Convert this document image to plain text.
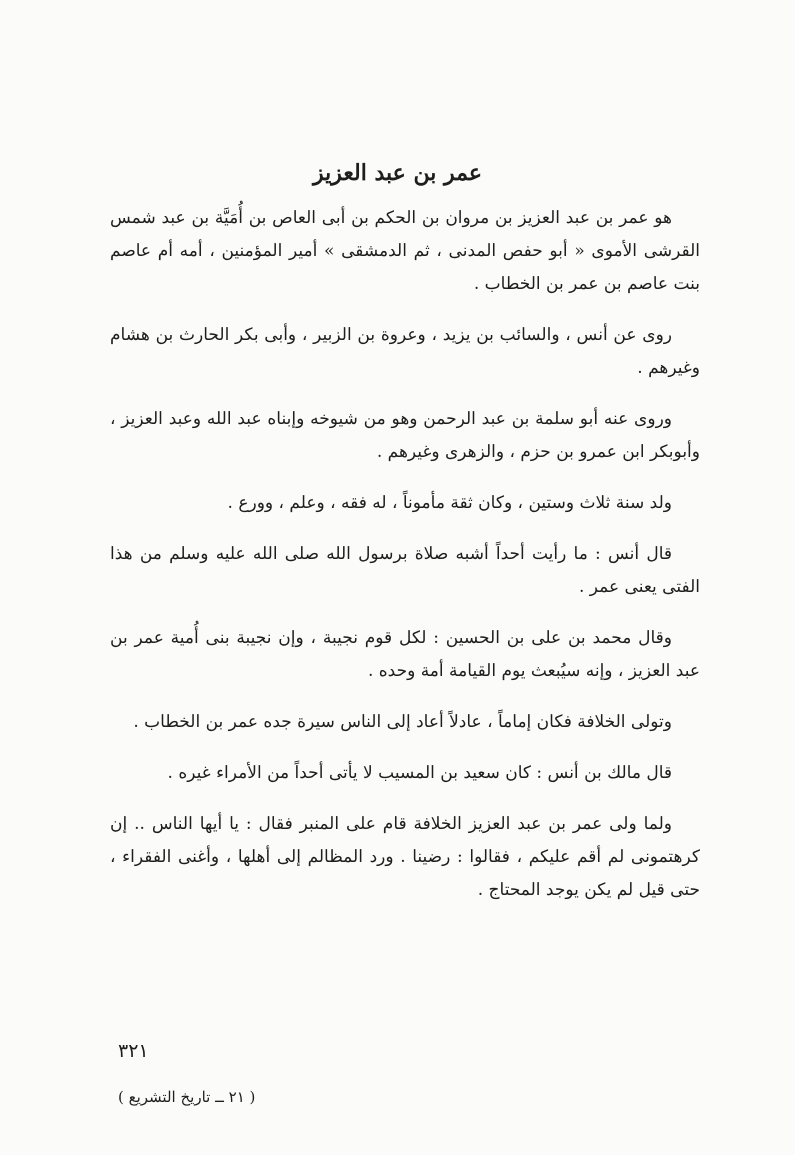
عمر بن عبد العزيز

هو عمر بن عبد العزيز بن مروان بن الحكم بن أبى العاص بن أُمَيَّة بن عبد شمس القرشى الأموى « أبو حفص المدنى ، ثم الدمشقى » أمير المؤمنين ، أمه أم عاصم بنت عاصم بن عمر بن الخطاب .

روى عن أنس ، والسائب بن يزيد ، وعروة بن الزبير ، وأبى بكر الحارث بن هشام وغيرهم .

وروى عنه أبو سلمة بن عبد الرحمن وهو من شيوخه وإبناه عبد الله وعبد العزيز ، وأبوبكر ابن عمرو بن حزم ، والزهرى وغيرهم .

ولد سنة ثلاث وستين ، وكان ثقة مأموناً ، له فقه ، وعلم ، وورع .

قال أنس : ما رأيت أحداً أشبه صلاة برسول الله صلى الله عليه وسلم من هذا الفتى يعنى عمر .

وقال محمد بن على بن الحسين : لكل قوم نجيبة ، وإن نجيبة بنى أُمية عمر بن عبد العزيز ، وإنه سيُبعث يوم القيامة أمة وحده .

وتولى الخلافة فكان إماماً ، عادلاً أعاد إلى الناس سيرة جده عمر بن الخطاب .

قال مالك بن أنس : كان سعيد بن المسيب لا يأتى أحداً من الأمراء غيره .

ولما ولى عمر بن عبد العزيز الخلافة قام على المنبر فقال : يا أيها الناس .. إن كرهتمونى لم أقم عليكم ، فقالوا : رضينا . ورد المظالم إلى أهلها ، وأغنى الفقراء ، حتى قيل لم يكن يوجد المحتاج .

٣٢١
( ٢١ ــ تاريخ التشريع )
